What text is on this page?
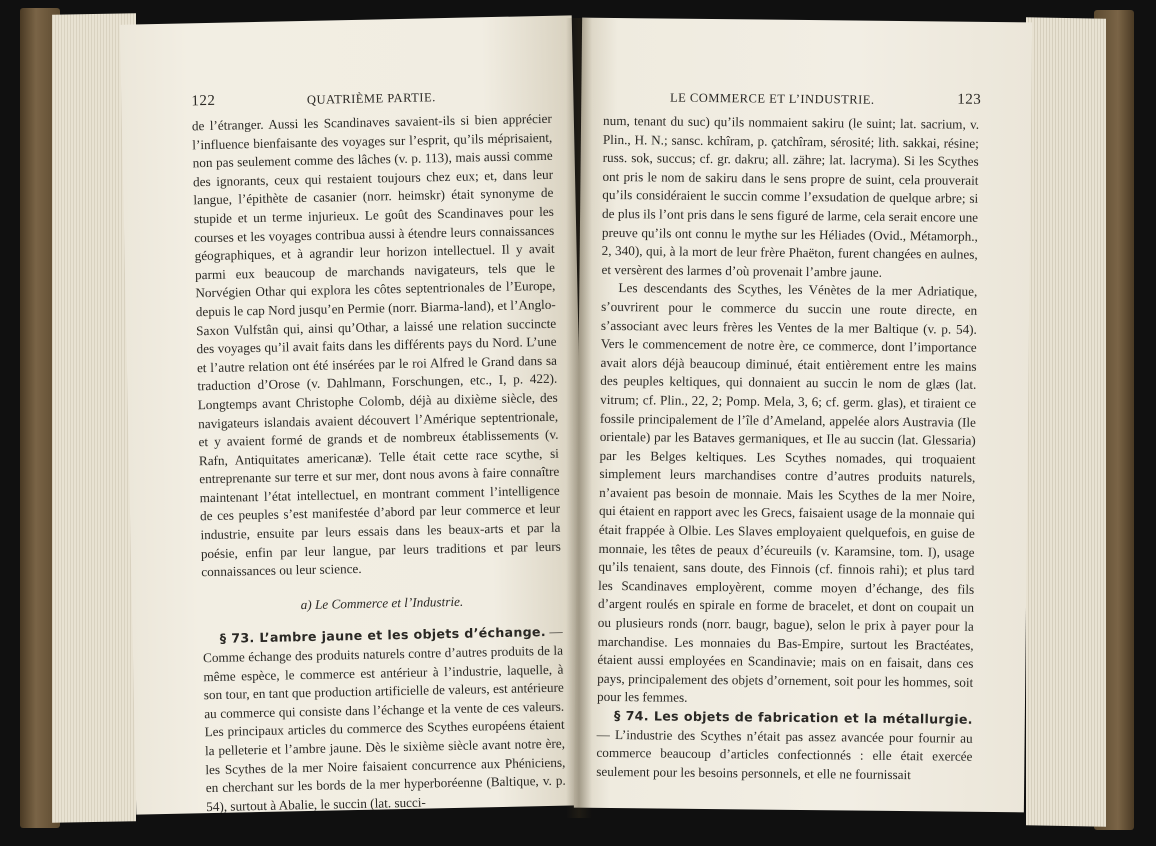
122	QUATRIÈME PARTIE.

de l’étranger. Aussi les Scandinaves savaient-ils si bien apprécier l’influence bienfaisante des voyages sur l’esprit, qu’ils méprisaient, non pas seulement comme des lâches (v. p. 113), mais aussi comme des ignorants, ceux qui restaient toujours chez eux; et, dans leur langue, l’épithète de casanier (norr. heimskr) était synonyme de stupide et un terme injurieux. Le goût des Scandinaves pour les courses et les voyages contribua aussi à étendre leurs connaissances géographiques, et à agrandir leur horizon intellectuel. Il y avait parmi eux beaucoup de marchands navigateurs, tels que le Norvégien Othar qui explora les côtes septentrionales de l’Europe, depuis le cap Nord jusqu’en Permie (norr. Biarma-land), et l’Anglo-Saxon Vulfstân qui, ainsi qu’Othar, a laissé une relation succincte des voyages qu’il avait faits dans les différents pays du Nord. L’une et l’autre relation ont été insérées par le roi Alfred le Grand dans sa traduction d’Orose (v. Dahlmann, Forschungen, etc., I, p. 422). Longtemps avant Christophe Colomb, déjà au dixième siècle, des navigateurs islandais avaient découvert l’Amérique septentrionale, et y avaient formé de grands et de nombreux établissements (v. Rafn, Antiquitates americanæ). Telle était cette race scythe, si entreprenante sur terre et sur mer, dont nous avons à faire connaître maintenant l’état intellectuel, en montrant comment l’intelligence de ces peuples s’est manifestée d’abord par leur commerce et leur industrie, ensuite par leurs essais dans les beaux-arts et par la poésie, enfin par leur langue, par leurs traditions et par leurs connaissances ou leur science.

a) Le Commerce et l’Industrie.

§ 73. L’ambre jaune et les objets d’échange. — Comme échange des produits naturels contre d’autres produits de la même espèce, le commerce est antérieur à l’industrie, laquelle, à son tour, en tant que production artificielle de valeurs, est antérieure au commerce qui consiste dans l’échange et la vente de ces valeurs. Les principaux articles du commerce des Scythes européens étaient la pelleterie et l’ambre jaune. Dès le sixième siècle avant notre ère, les Scythes de la mer Noire faisaient concurrence aux Phéniciens, en cherchant sur les bords de la mer hyperboréenne (Baltique, v. p. 54), surtout à Abalie, le succin (lat. succi-

LE COMMERCE ET L’INDUSTRIE.	123

num, tenant du suc) qu’ils nommaient sakiru (le suint; lat. sacrium, v. Plin., H. N.; sansc. kchîram, p. çatchîram, sérosité; lith. sakkai, résine; russ. sok, succus; cf. gr. dakru; all. zähre; lat. lacryma). Si les Scythes ont pris le nom de sakiru dans le sens propre de suint, cela prouverait qu’ils considéraient le succin comme l’exsudation de quelque arbre; si de plus ils l’ont pris dans le sens figuré de larme, cela serait encore une preuve qu’ils ont connu le mythe sur les Héliades (Ovid., Métamorph., 2, 340), qui, à la mort de leur frère Phaëton, furent changées en aulnes, et versèrent des larmes d’où provenait l’ambre jaune.

Les descendants des Scythes, les Vénètes de la mer Adriatique, s’ouvrirent pour le commerce du succin une route directe, en s’associant avec leurs frères les Ventes de la mer Baltique (v. p. 54). Vers le commencement de notre ère, ce commerce, dont l’importance avait alors déjà beaucoup diminué, était entièrement entre les mains des peuples keltiques, qui donnaient au succin le nom de glæs (lat. vitrum; cf. Plin., 22, 2; Pomp. Mela, 3, 6; cf. germ. glas), et tiraient ce fossile principalement de l’île d’Ameland, appelée alors Austravia (Ile orientale) par les Bataves germaniques, et Ile au succin (lat. Glessaria) par les Belges keltiques. Les Scythes nomades, qui troquaient simplement leurs marchandises contre d’autres produits naturels, n’avaient pas besoin de monnaie. Mais les Scythes de la mer Noire, qui étaient en rapport avec les Grecs, faisaient usage de la monnaie qui était frappée à Olbie. Les Slaves employaient quelquefois, en guise de monnaie, les têtes de peaux d’écureuils (v. Karamsine, tom. I), usage qu’ils tenaient, sans doute, des Finnois (cf. finnois rahi); et plus tard les Scandinaves employèrent, comme moyen d’échange, des fils d’argent roulés en spirale en forme de bracelet, et dont on coupait un ou plusieurs ronds (norr. baugr, bague), selon le prix à payer pour la marchandise. Les monnaies du Bas-Empire, surtout les Bractéates, étaient aussi employées en Scandinavie; mais on en faisait, dans ces pays, principalement des objets d’ornement, soit pour les hommes, soit pour les femmes.

§ 74. Les objets de fabrication et la métallurgie. — L’industrie des Scythes n’était pas assez avancée pour fournir au commerce beaucoup d’articles confectionnés : elle était exercée seulement pour les besoins personnels, et elle ne fournissait
